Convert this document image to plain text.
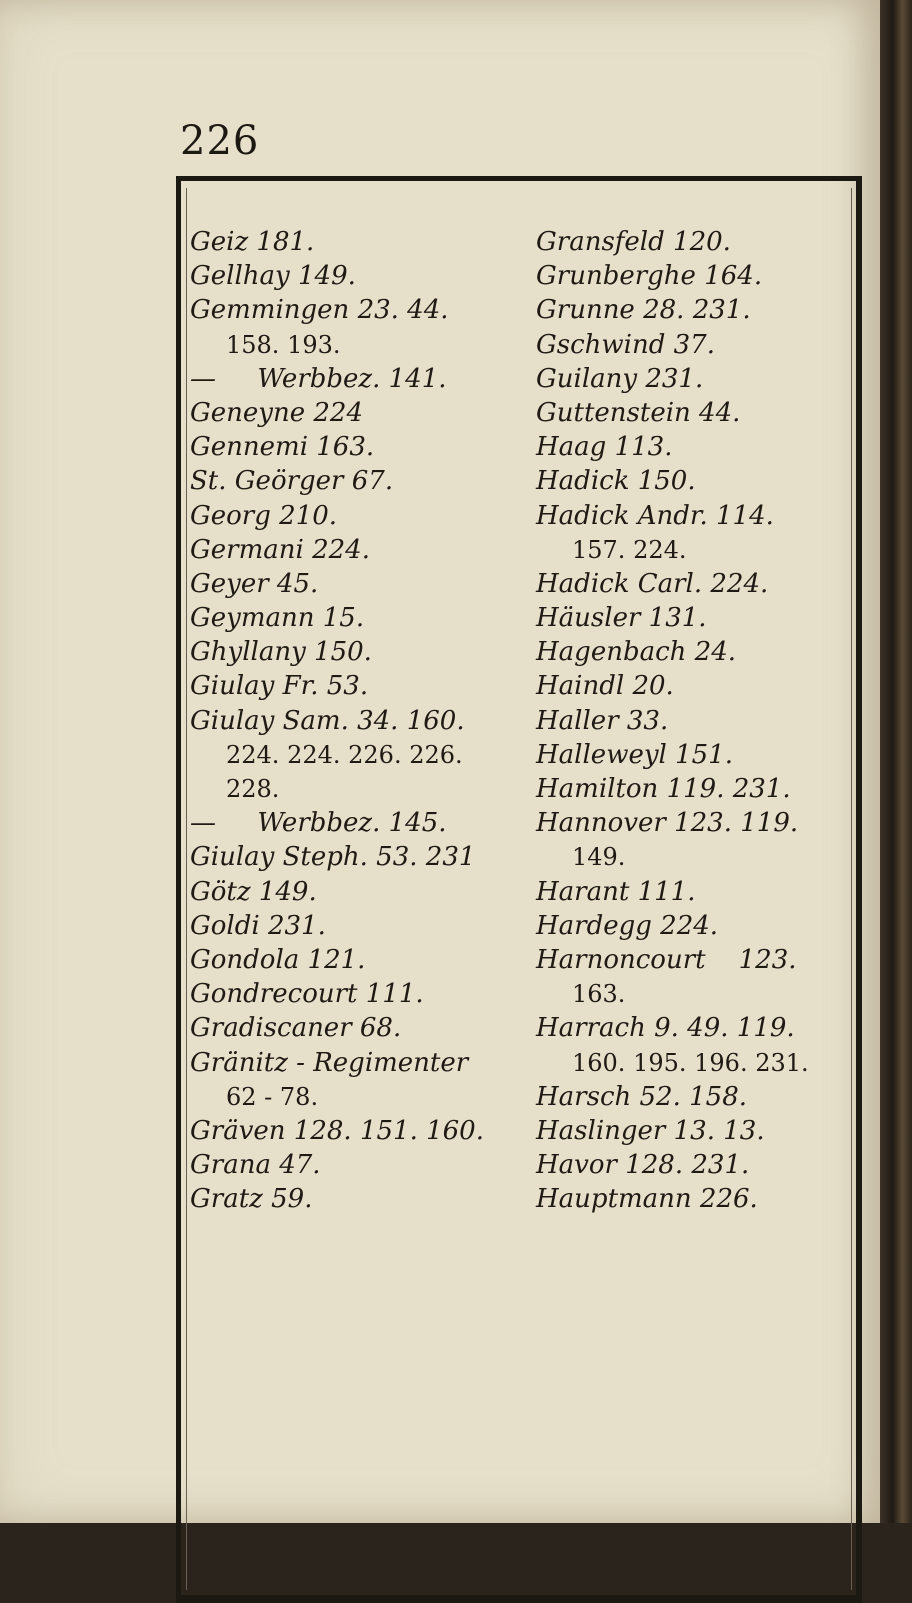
226
Geiz 181.
Gellhay 149.
Gemmingen 23. 44.
158. 193.
—     Werbbez. 141.
Geneyne 224
Gennemi 163.
St. Geörger 67.
Georg 210.
Germani 224.
Geyer 45.
Geymann 15.
Ghyllany 150.
Giulay Fr. 53.
Giulay Sam. 34. 160.
224. 224. 226. 226.
228.
—     Werbbez. 145.
Giulay Steph. 53. 231
Götz 149.
Goldi 231.
Gondola 121.
Gondrecourt 111.
Gradiscaner 68.
Gränitz - Regimenter
62 - 78.
Gräven 128. 151. 160.
Grana 47.
Gratz 59.
Gransfeld 120.
Grunberghe 164.
Grunne 28. 231.
Gschwind 37.
Guilany 231.
Guttenstein 44.
Haag 113.
Hadick 150.
Hadick Andr. 114.
157. 224.
Hadick Carl. 224.
Häusler 131.
Hagenbach 24.
Haindl 20.
Haller 33.
Halleweyl 151.
Hamilton 119. 231.
Hannover 123. 119.
149.
Harant 111.
Hardegg 224.
Harnoncourt    123.
163.
Harrach 9. 49. 119.
160. 195. 196. 231.
Harsch 52. 158.
Haslinger 13. 13.
Havor 128. 231.
Hauptmann 226.
